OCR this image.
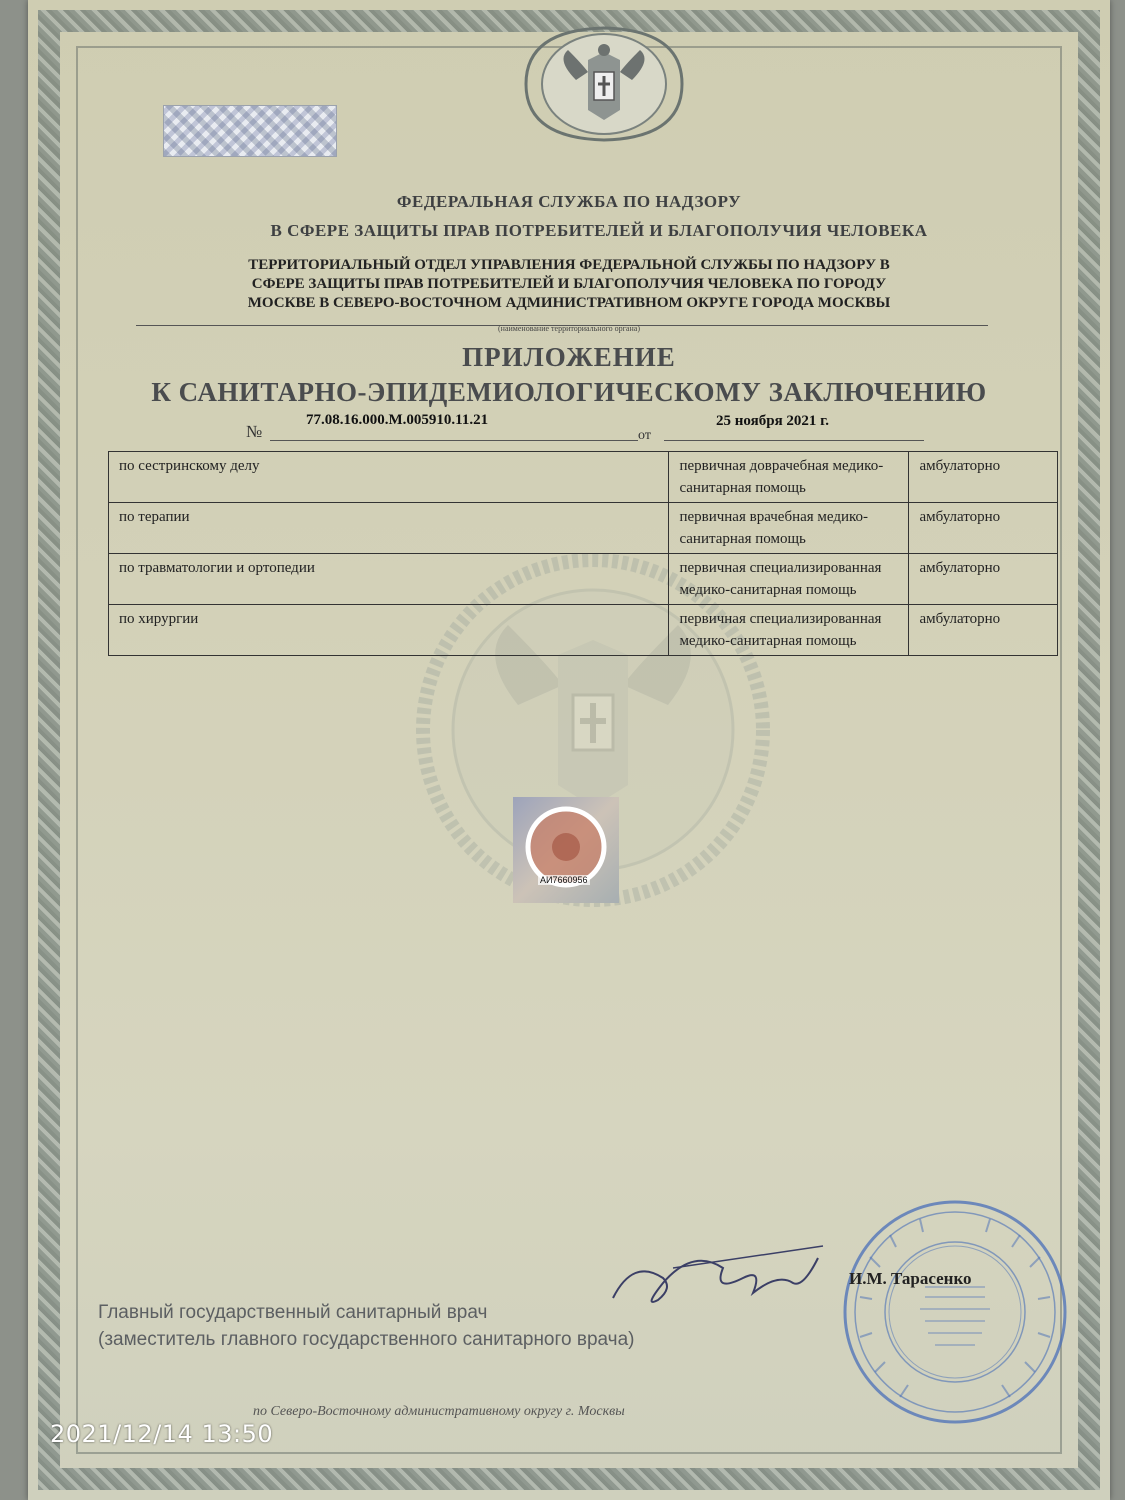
ФЕДЕРАЛЬНАЯ СЛУЖБА ПО НАДЗОРУ
В СФЕРЕ ЗАЩИТЫ ПРАВ ПОТРЕБИТЕЛЕЙ И БЛАГОПОЛУЧИЯ ЧЕЛОВЕКА
ТЕРРИТОРИАЛЬНЫЙ ОТДЕЛ УПРАВЛЕНИЯ ФЕДЕРАЛЬНОЙ СЛУЖБЫ ПО НАДЗОРУ В
СФЕРЕ ЗАЩИТЫ ПРАВ ПОТРЕБИТЕЛЕЙ И БЛАГОПОЛУЧИЯ ЧЕЛОВЕКА ПО ГОРОДУ
МОСКВЕ В СЕВЕРО-ВОСТОЧНОМ АДМИНИСТРАТИВНОМ ОКРУГЕ ГОРОДА МОСКВЫ
(наименование территориального органа)
ПРИЛОЖЕНИЕ
К САНИТАРНО-ЭПИДЕМИОЛОГИЧЕСКОМУ ЗАКЛЮЧЕНИЮ
№
77.08.16.000.М.005910.11.21
от
25 ноября 2021 г.
по сестринскому делу	первичная доврачебная медико-санитарная помощь	амбулаторно
по терапии	первичная врачебная медико-санитарная помощь	амбулаторно
по травматологии и ортопедии	первичная специализированная медико-санитарная помощь	амбулаторно
по хирургии	первичная специализированная медико-санитарная помощь	амбулаторно
АИ7660956
Главный государственный санитарный врач
(заместитель главного государственного санитарного врача)
И.М. Тарасенко
по Северо-Восточному административному округу г. Москвы
2021/12/14 13:50
